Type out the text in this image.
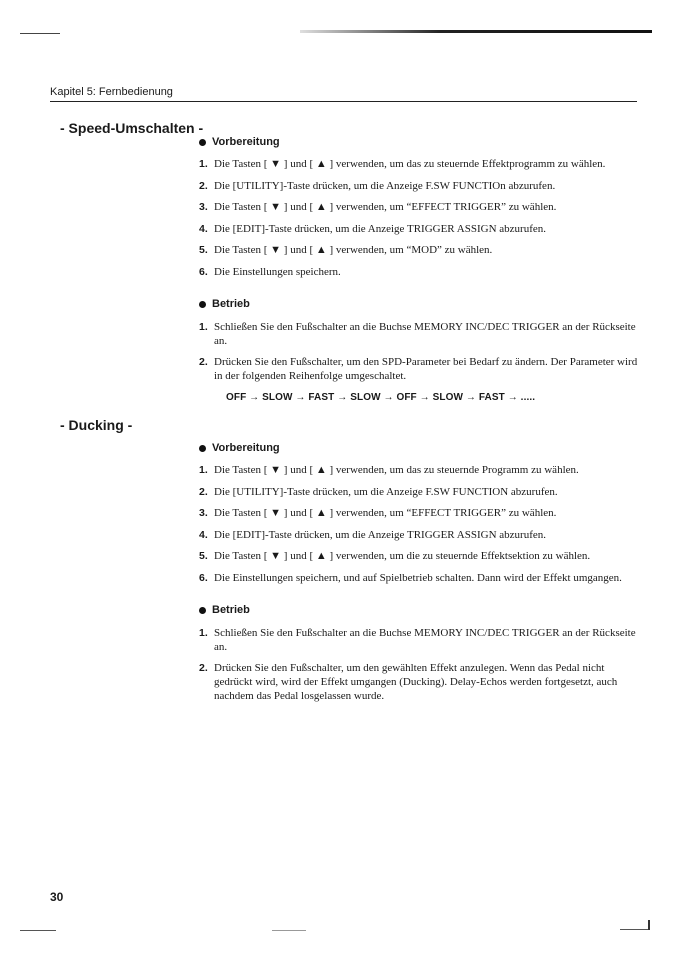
Kapitel 5: Fernbedienung
- Speed-Umschalten -
Vorbereitung
1. Die Tasten [ ▼ ] und [ ▲ ] verwenden, um das zu steuernde Effektprogramm zu wählen.
2. Die [UTILITY]-Taste drücken, um die Anzeige F.SW FUNCTIOn abzurufen.
3. Die Tasten [ ▼ ] und [ ▲ ] verwenden, um “EFFECT TRIGGER” zu wählen.
4. Die [EDIT]-Taste drücken, um die Anzeige TRIGGER ASSIGN abzurufen.
5. Die Tasten [ ▼ ] und [ ▲ ] verwenden, um “MOD” zu wählen.
6. Die Einstellungen speichern.
Betrieb
1. Schließen Sie den Fußschalter an die Buchse MEMORY INC/DEC TRIGGER an der Rückseite an.
2. Drücken Sie den Fußschalter, um den SPD-Parameter bei Bedarf zu ändern. Der Parameter wird in der folgenden Reihenfolge umgeschaltet.
OFF → SLOW → FAST → SLOW → OFF → SLOW → FAST → .....
- Ducking -
Vorbereitung
1. Die Tasten [ ▼ ] und [ ▲ ] verwenden, um das zu steuernde Programm zu wählen.
2. Die [UTILITY]-Taste drücken, um die Anzeige F.SW FUNCTION abzurufen.
3. Die Tasten [ ▼ ] und [ ▲ ] verwenden, um “EFFECT TRIGGER” zu wählen.
4. Die [EDIT]-Taste drücken, um die Anzeige TRIGGER ASSIGN abzurufen.
5. Die Tasten [ ▼ ] und [ ▲ ] verwenden, um die zu steuernde Effektsektion zu wählen.
6. Die Einstellungen speichern, und auf Spielbetrieb schalten. Dann wird der Effekt umgangen.
Betrieb
1. Schließen Sie den Fußschalter an die Buchse MEMORY INC/DEC TRIGGER an der Rückseite an.
2. Drücken Sie den Fußschalter, um den gewählten Effekt anzulegen. Wenn das Pedal nicht gedrückt wird, wird der Effekt umgangen (Ducking). Delay-Echos werden fortgesetzt, auch nachdem das Pedal losgelassen wurde.
30
